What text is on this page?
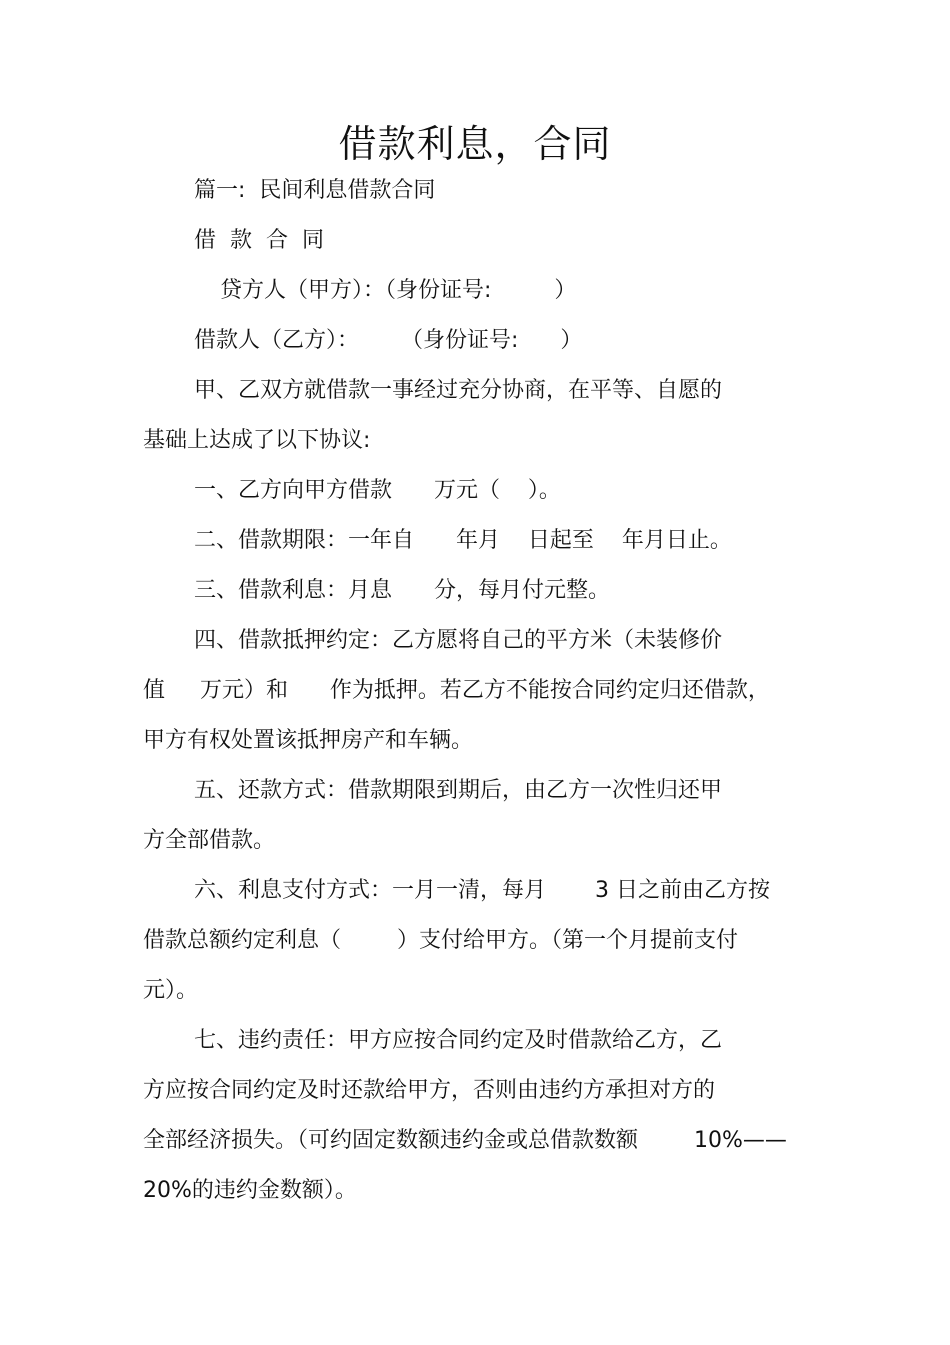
借款利息，合同

篇一:  民间利息借款合同

借  款  合  同

贷方人（甲方）：（身份证号:         ）

借款人（乙方）：      （身份证号:      ）

甲、乙双方就借款一事经过充分协商，在平等、自愿的

基础上达成了以下协议:

一、乙方向甲方借款      万元（    ）。

二、借款期限：一年自      年月    日起至    年月日止。

三、借款利息：月息      分，每月付元整。

四、借款抵押约定：乙方愿将自己的平方米（未装修价

值     万元）和      作为抵押。若乙方不能按合同约定归还借款，

甲方有权处置该抵押房产和车辆。

五、还款方式：借款期限到期后，由乙方一次性归还甲

方全部借款。

六、利息支付方式：一月一清，每月       3 日之前由乙方按

借款总额约定利息（        ）支付给甲方。（第一个月提前支付

元）。

七、违约责任：甲方应按合同约定及时借款给乙方，乙

方应按合同约定及时还款给甲方，否则由违约方承担对方的

全部经济损失。（可约固定数额违约金或总借款数额        10%——

20%的违约金数额）。
